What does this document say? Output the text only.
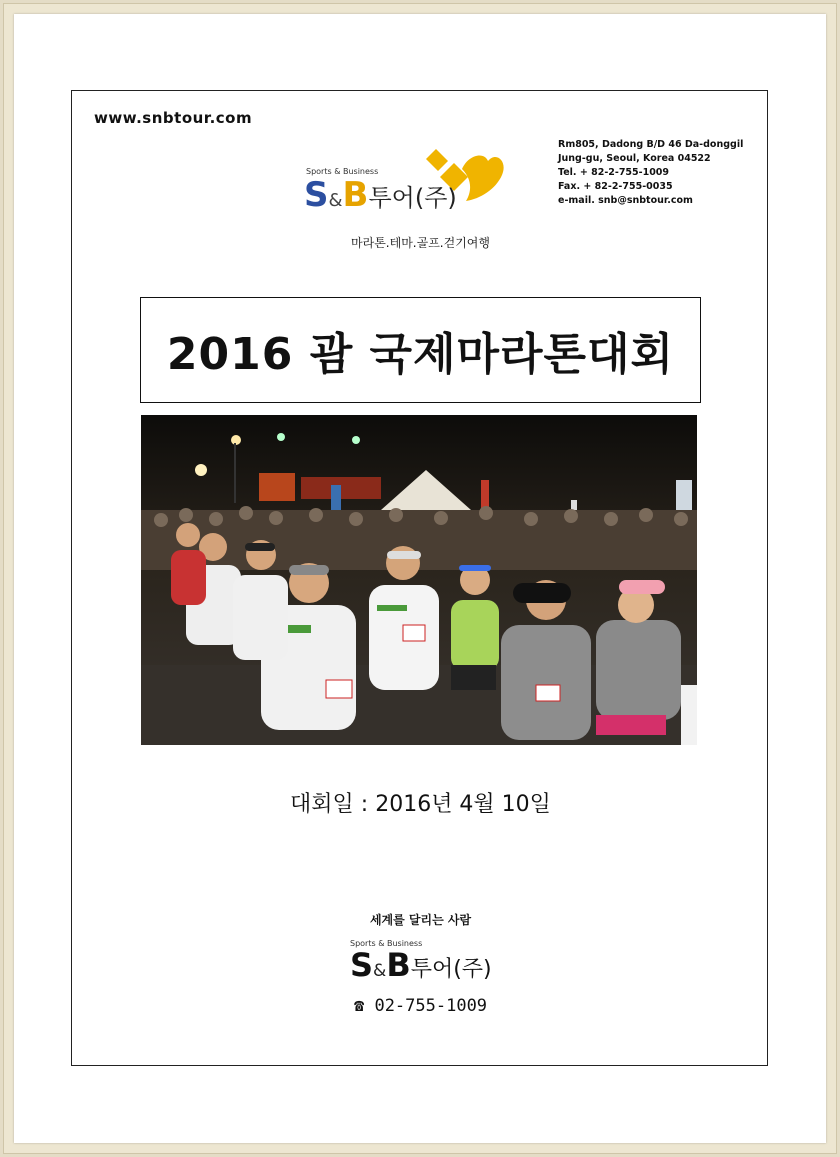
www.snbtour.com
Rm805, Dadong B/D 46 Da-donggil
Jung-gu, Seoul, Korea 04522
Tel. + 82-2-755-1009
Fax. + 82-2-755-0035
e-mail. snb@snbtour.com
Sports & Business
S&B투어(주)
마라톤.테마.골프.걷기여행
2016 괌 국제마라톤대회
대회일 : 2016년 4월 10일
세계를 달리는 사람
Sports & Business
S&B투어(주)
☎ 02-755-1009
